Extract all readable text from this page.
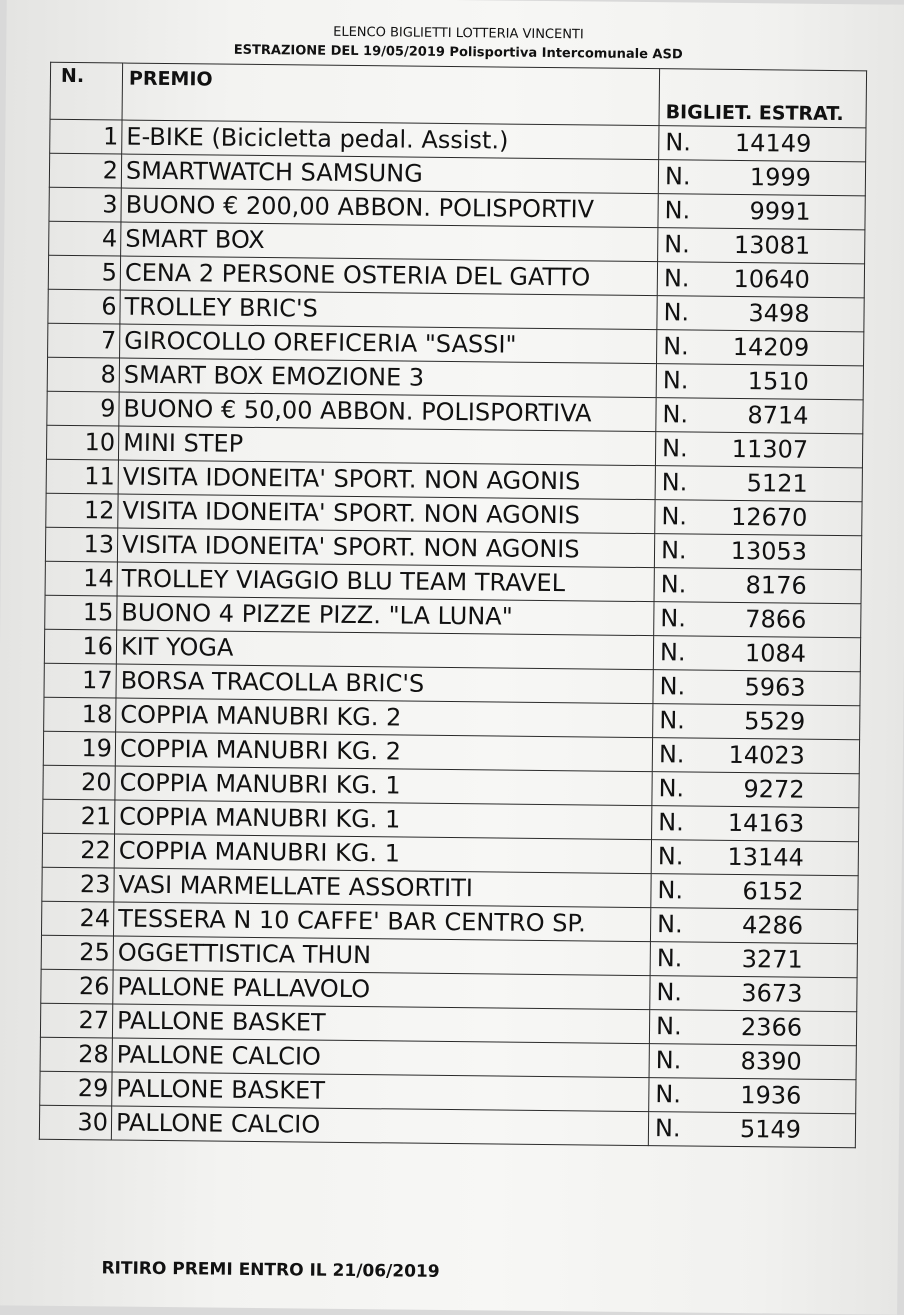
ELENCO BIGLIETTI LOTTERIA VINCENTI
ESTRAZIONE DEL 19/05/2019 Polisportiva Intercomunale ASD
N.	PREMIO	BIGLIET. ESTRAT.
1	E-BIKE (Bicicletta pedal. Assist.)	N. 14149
2	SMARTWATCH SAMSUNG	N. 1999
3	BUONO € 200,00 ABBON. POLISPORTIV	N. 9991
4	SMART BOX	N. 13081
5	CENA 2 PERSONE OSTERIA DEL GATTO	N. 10640
6	TROLLEY BRIC'S	N. 3498
7	GIROCOLLO OREFICERIA "SASSI"	N. 14209
8	SMART BOX EMOZIONE 3	N. 1510
9	BUONO € 50,00 ABBON. POLISPORTIVA	N. 8714
10	MINI STEP	N. 11307
11	VISITA IDONEITA' SPORT. NON AGONIS	N. 5121
12	VISITA IDONEITA' SPORT. NON AGONIS	N. 12670
13	VISITA IDONEITA' SPORT. NON AGONIS	N. 13053
14	TROLLEY VIAGGIO BLU TEAM TRAVEL	N. 8176
15	BUONO 4 PIZZE PIZZ. "LA LUNA"	N. 7866
16	KIT YOGA	N. 1084
17	BORSA TRACOLLA BRIC'S	N. 5963
18	COPPIA MANUBRI KG. 2	N. 5529
19	COPPIA MANUBRI KG. 2	N. 14023
20	COPPIA MANUBRI KG. 1	N. 9272
21	COPPIA MANUBRI KG. 1	N. 14163
22	COPPIA MANUBRI KG. 1	N. 13144
23	VASI MARMELLATE ASSORTITI	N. 6152
24	TESSERA N 10 CAFFE' BAR CENTRO SP.	N. 4286
25	OGGETTISTICA THUN	N. 3271
26	PALLONE PALLAVOLO	N. 3673
27	PALLONE BASKET	N. 2366
28	PALLONE CALCIO	N. 8390
29	PALLONE BASKET	N. 1936
30	PALLONE CALCIO	N. 5149
RITIRO PREMI ENTRO IL 21/06/2019
